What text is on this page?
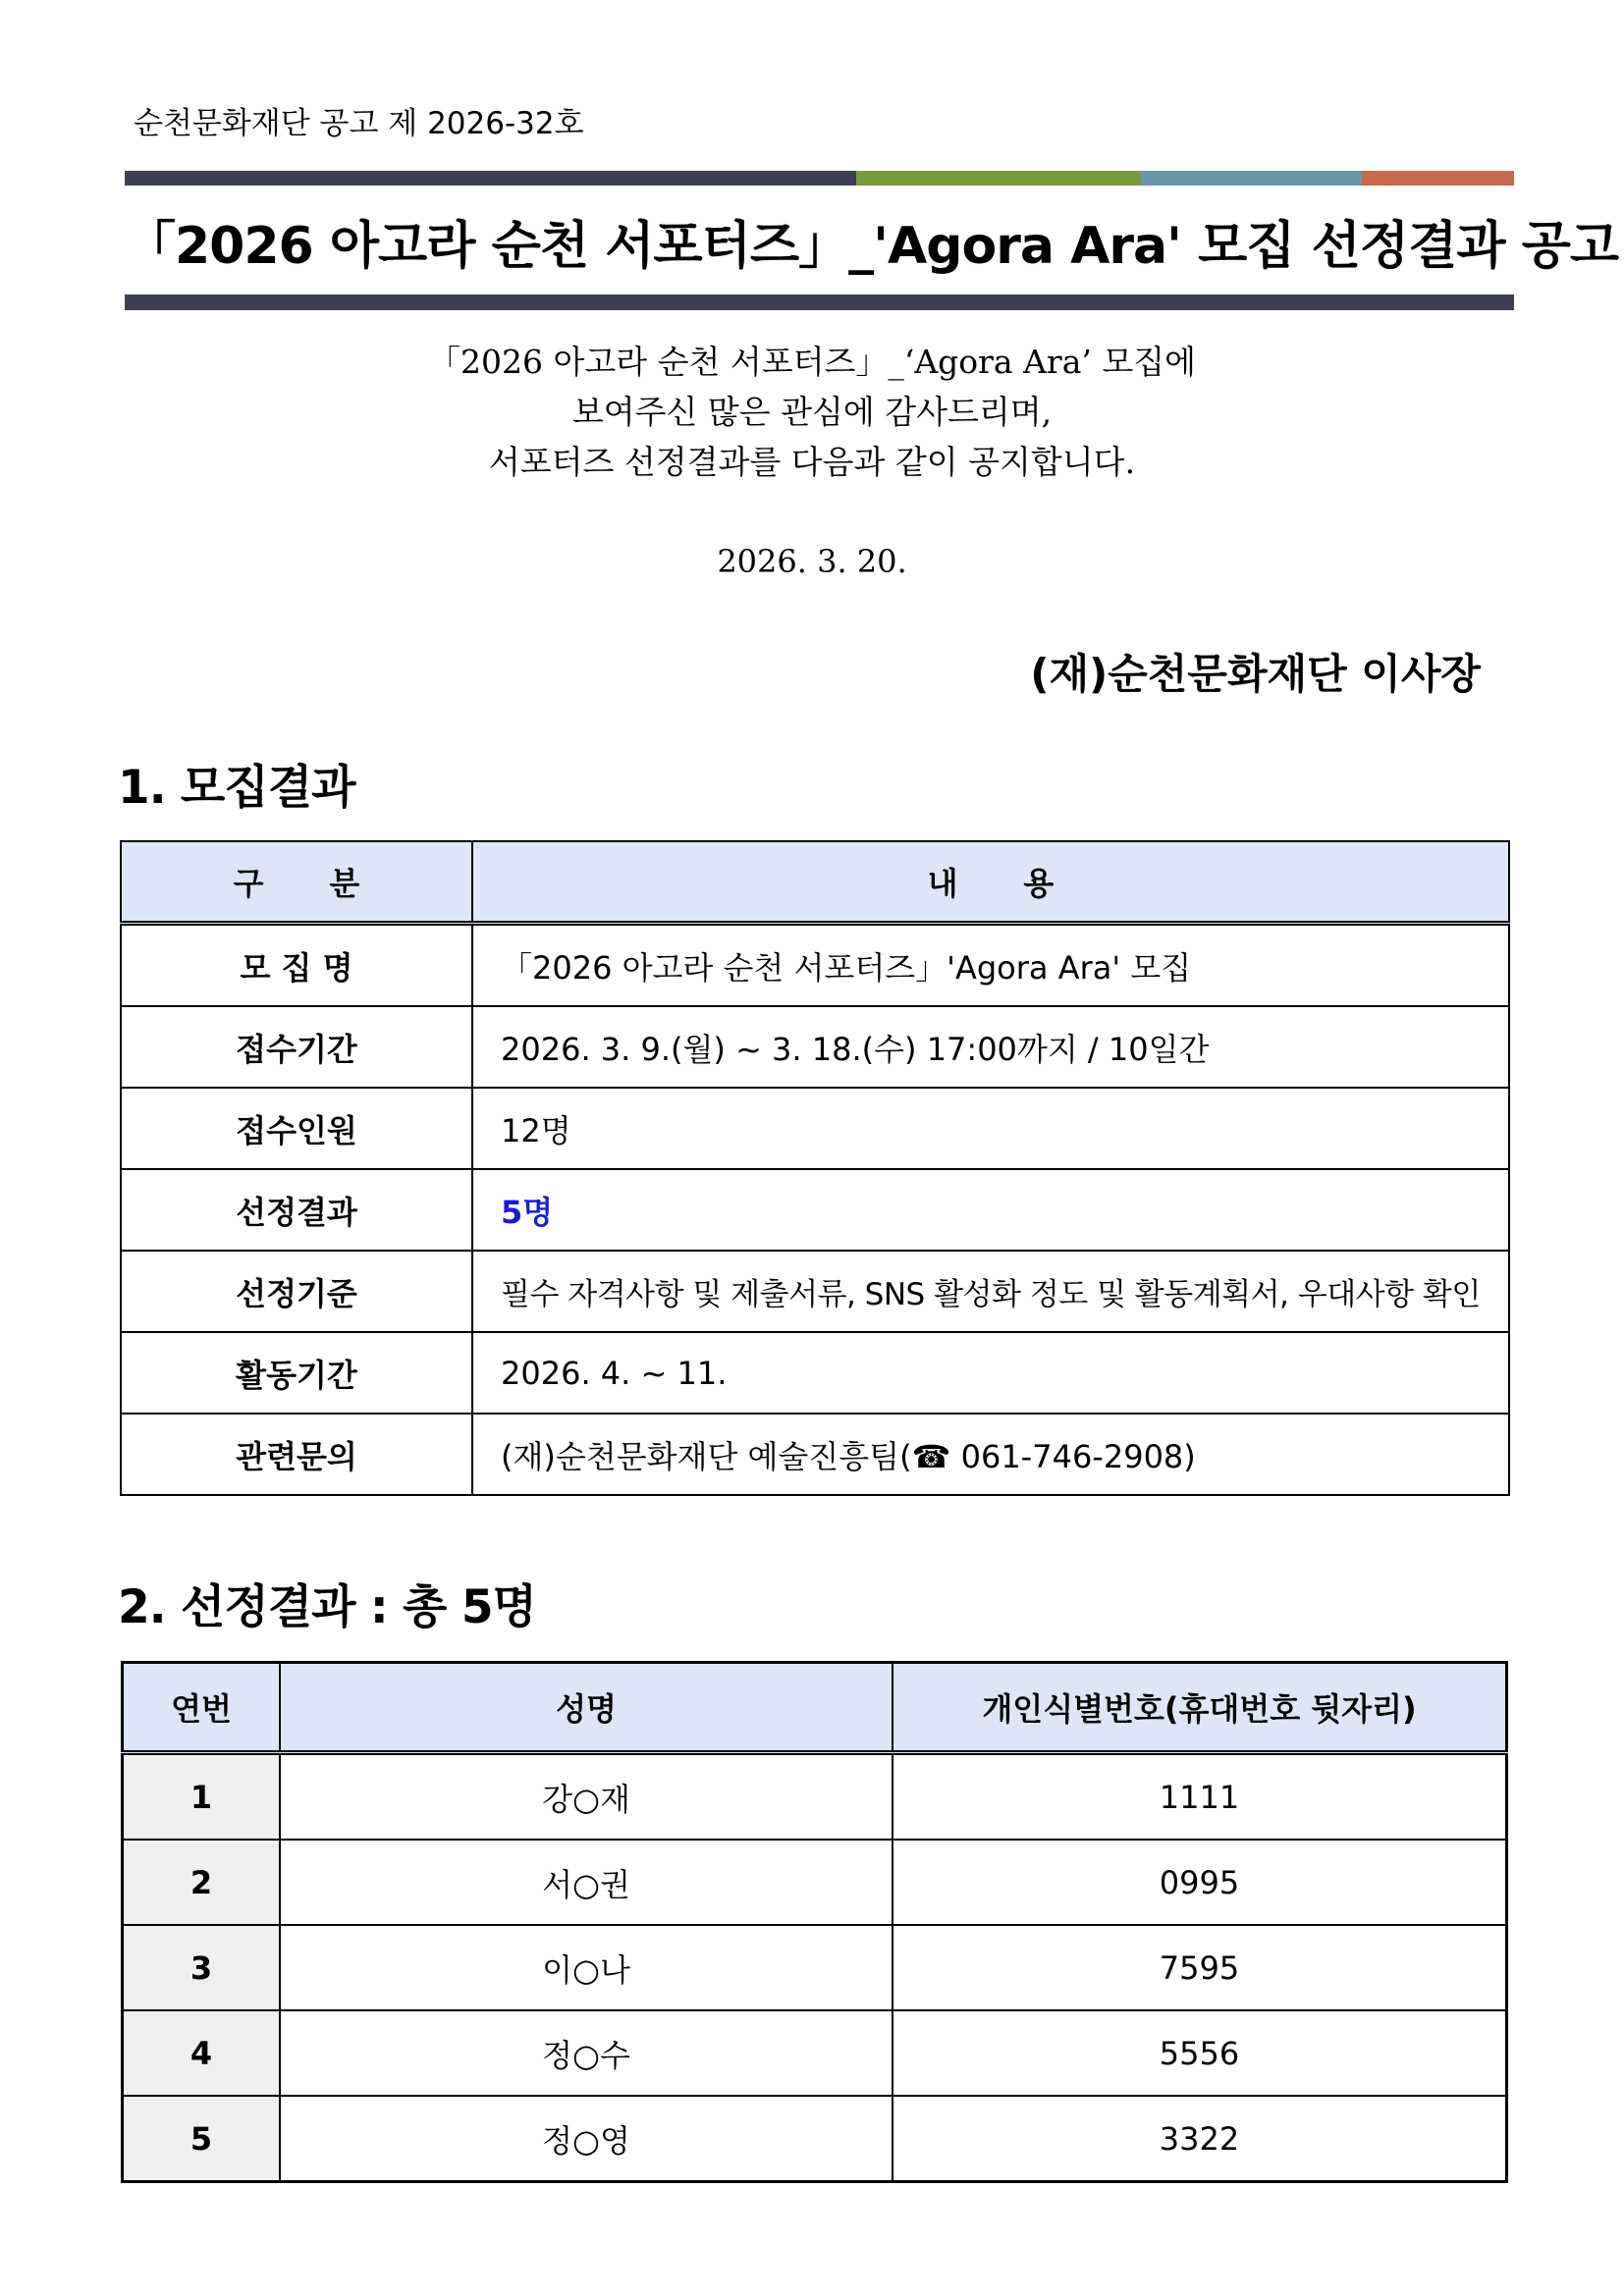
순천문화재단 공고 제 2026-32호
「2026 아고라 순천 서포터즈」_'Agora Ara' 모집 선정결과 공고
「2026 아고라 순천 서포터즈」_‘Agora Ara’ 모집에
보여주신 많은 관심에 감사드리며,
서포터즈 선정결과를 다음과 같이 공지합니다.
2026. 3. 20.
(재)순천문화재단 이사장
1. 모집결과
구      분	내      용
모 집 명	「2026 아고라 순천 서포터즈」'Agora Ara' 모집
접수기간	2026. 3. 9.(월) ~ 3. 18.(수) 17:00까지 / 10일간
접수인원	12명
선정결과	5명
선정기준	필수 자격사항 및 제출서류, SNS 활성화 정도 및 활동계획서, 우대사항 확인
활동기간	2026. 4. ~ 11.
관련문의	(재)순천문화재단 예술진흥팀(☎ 061-746-2908)
2. 선정결과 : 총 5명
연번	성명	개인식별번호(휴대번호 뒷자리)
1	강○재	1111
2	서○권	0995
3	이○나	7595
4	정○수	5556
5	정○영	3322
